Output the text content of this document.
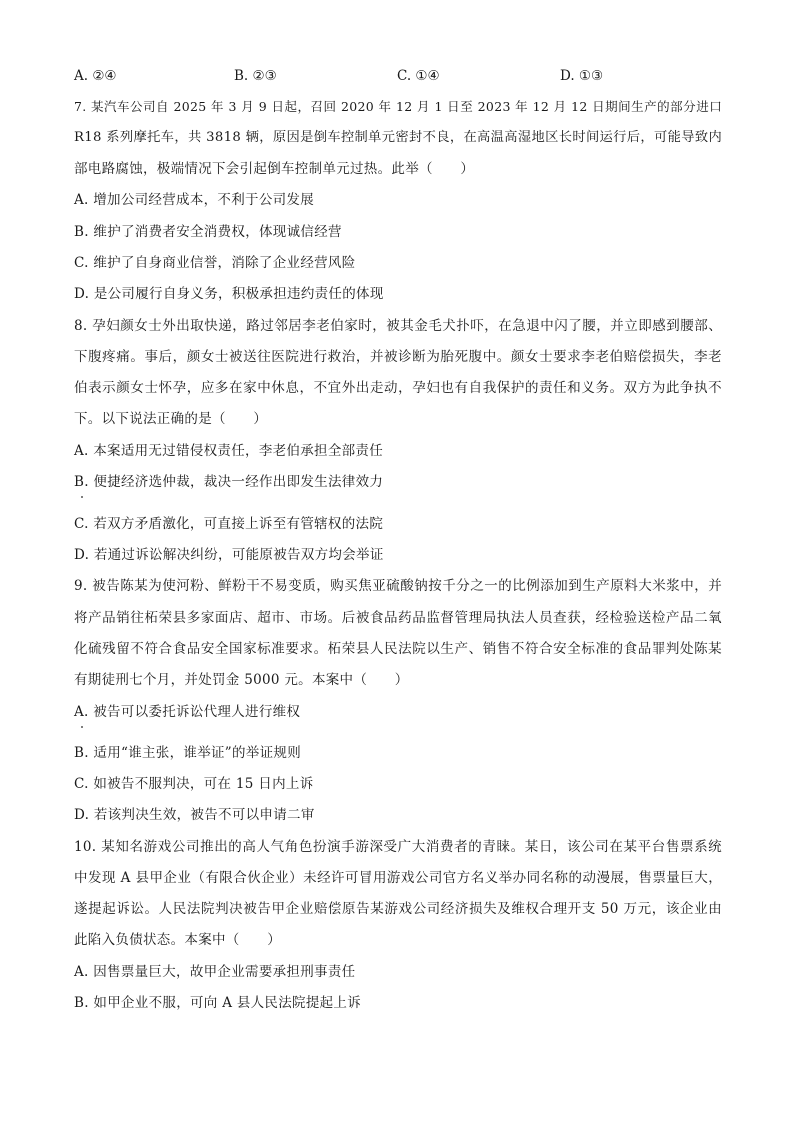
A. ②④	B. ②③	C. ①④	D. ①③
7. 某汽车公司自 2025 年 3 月 9 日起，召回 2020 年 12 月 1 日至 2023 年 12 月 12 日期间生产的部分进口
R18 系列摩托车，共 3818 辆，原因是倒车控制单元密封不良，在高温高湿地区长时间运行后，可能导致内
部电路腐蚀，极端情况下会引起倒车控制单元过热。此举（　　）
A. 增加公司经营成本，不利于公司发展
B. 维护了消费者安全消费权，体现诚信经营
C. 维护了自身商业信誉，消除了企业经营风险
D. 是公司履行自身义务，积极承担违约责任的体现
8. 孕妇颜女士外出取快递，路过邻居李老伯家时，被其金毛犬扑吓，在急退中闪了腰，并立即感到腰部、
下腹疼痛。事后，颜女士被送往医院进行救治，并被诊断为胎死腹中。颜女士要求李老伯赔偿损失，李老
伯表示颜女士怀孕，应多在家中休息，不宜外出走动，孕妇也有自我保护的责任和义务。双方为此争执不
下。以下说法正确的是（　　）
A. 本案适用无过错侵权责任，李老伯承担全部责任
B. 便捷经济选仲裁，裁决一经作出即发生法律效力
C. 若双方矛盾激化，可直接上诉至有管辖权的法院
D. 若通过诉讼解决纠纷，可能原被告双方均会举证
9. 被告陈某为使河粉、鲜粉干不易变质，购买焦亚硫酸钠按千分之一的比例添加到生产原料大米浆中，并
将产品销往柘荣县多家面店、超市、市场。后被食品药品监督管理局执法人员查获，经检验送检产品二氧
化硫残留不符合食品安全国家标准要求。柘荣县人民法院以生产、销售不符合安全标准的食品罪判处陈某
有期徒刑七个月，并处罚金 5000 元。本案中（　　）
A. 被告可以委托诉讼代理人进行维权
B. 适用“谁主张，谁举证”的举证规则
C. 如被告不服判决，可在 15 日内上诉
D. 若该判决生效，被告不可以申请二审
10. 某知名游戏公司推出的高人气角色扮演手游深受广大消费者的青睐。某日，该公司在某平台售票系统
中发现 A 县甲企业（有限合伙企业）未经许可冒用游戏公司官方名义举办同名称的动漫展，售票量巨大，
遂提起诉讼。人民法院判决被告甲企业赔偿原告某游戏公司经济损失及维权合理开支 50 万元，该企业由
此陷入负债状态。本案中（　　）
A. 因售票量巨大，故甲企业需要承担刑事责任
B. 如甲企业不服，可向 A 县人民法院提起上诉
